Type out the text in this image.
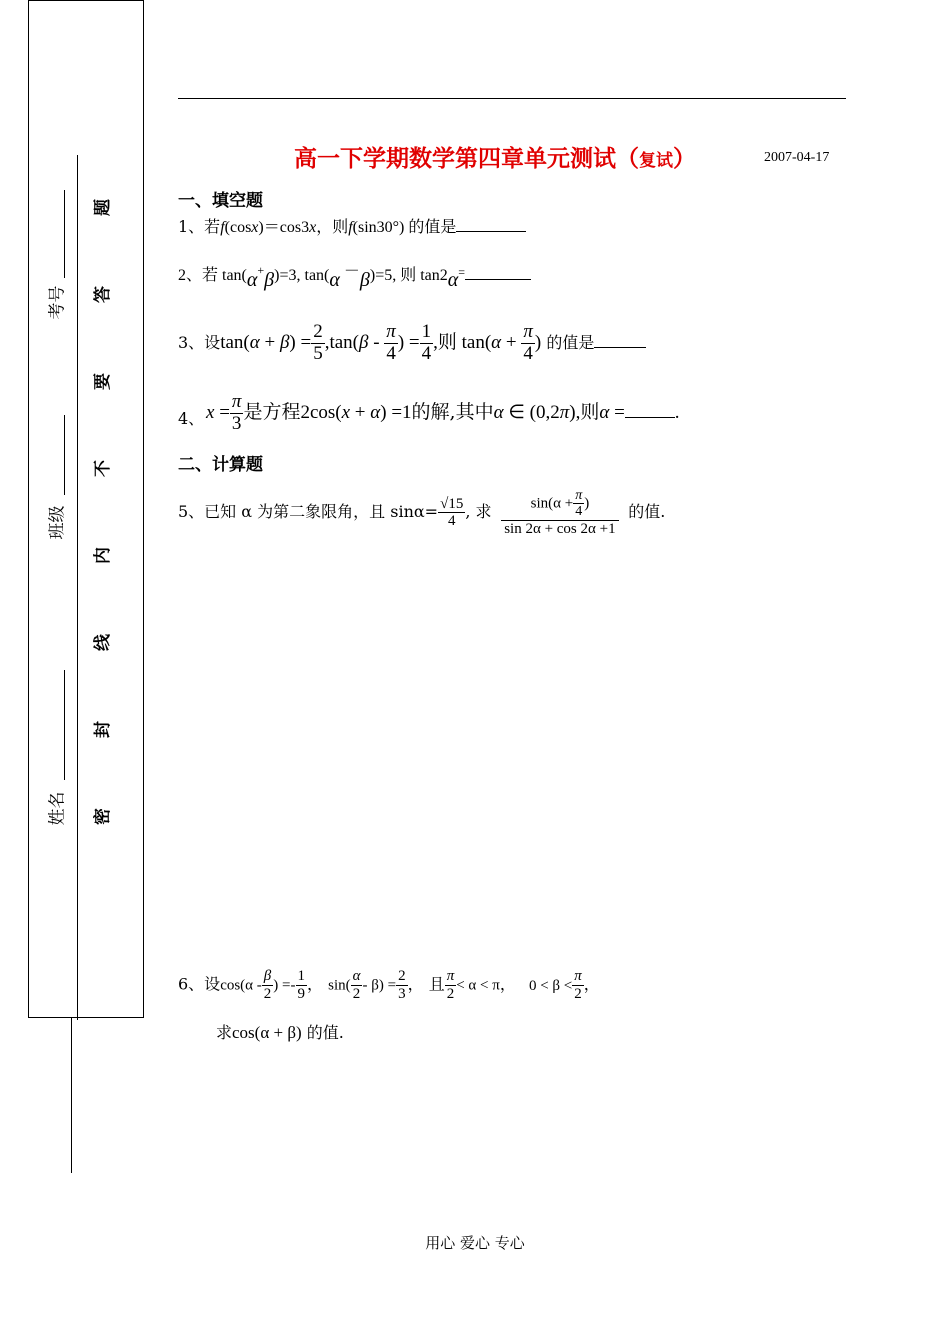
考号
班级
姓名
题
答
要
不
内
线
封
密
高一下学期数学第四章单元测试（复试）	2007-04-17
一、填空题
1、若f(cosx)＝cos3x，则f(sin30°) 的值是
2、若 tan(α+β)=3, tan(α －β)=5, 则 tan2α=
3、设$\tan(\alpha + \beta) = \frac{2}{5} ,\tan(\beta - \frac{\pi}{4}$ ) = $\frac{1}{4}$ ,则 $\tan(\alpha + \frac{\pi}{4}$ ) 的值是
4、 $x = \frac{\pi}{3}$ 是方程2cos(x + α) =1的解,其中α ∈ (0,2π),则α =	.
二、计算题
5、已知 α 为第二象限角，且 $\sin\alpha= \frac{√15}{4}$ , 求 $\frac{\sin(\alpha + \frac{\pi}{4} )}{\sin 2\alpha + \cos 2\alpha +1}$ 的值.
6、设$\cos(\alpha - \frac{\beta}{2}$ ) =- $\frac{1}{9}$ ， $\sin( \frac{\alpha}{2} - \beta) = \frac{2}{3}$ ， 且 $\frac{\pi}{2} < \alpha < \pi$， $0 < \beta < \frac{\pi}{2}$ ，
求cos(α + β) 的值.
用心 爱心 专心
